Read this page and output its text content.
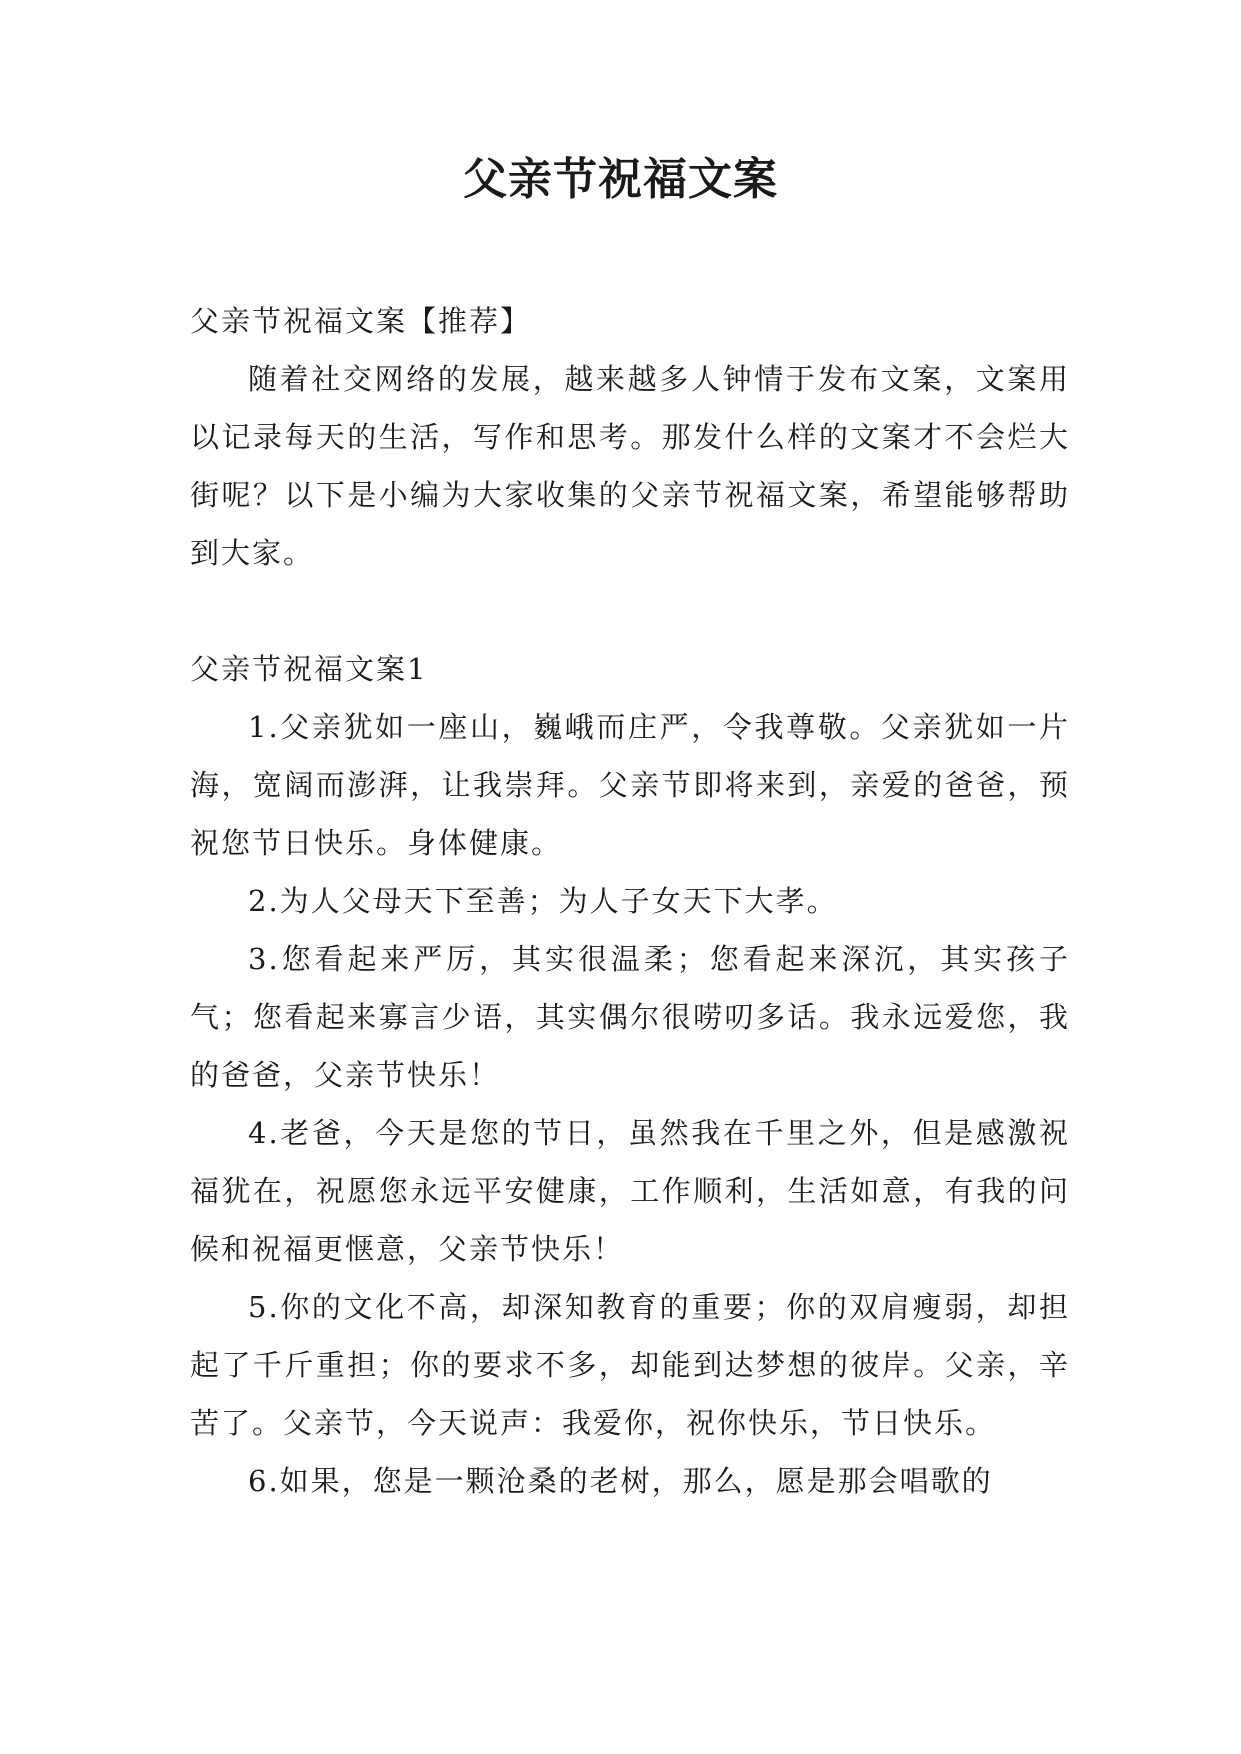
父亲节祝福文案

父亲节祝福文案【推荐】

随着社交网络的发展，越来越多人钟情于发布文案，文案用以记录每天的生活，写作和思考。那发什么样的文案才不会烂大街呢？以下是小编为大家收集的父亲节祝福文案，希望能够帮助到大家。

父亲节祝福文案1

1.父亲犹如一座山，巍峨而庄严，令我尊敬。父亲犹如一片海，宽阔而澎湃，让我崇拜。父亲节即将来到，亲爱的爸爸，预祝您节日快乐。身体健康。

2.为人父母天下至善；为人子女天下大孝。

3.您看起来严厉，其实很温柔；您看起来深沉，其实孩子气；您看起来寡言少语，其实偶尔很唠叨多话。我永远爱您，我的爸爸，父亲节快乐！

4.老爸，今天是您的节日，虽然我在千里之外，但是感激祝福犹在，祝愿您永远平安健康，工作顺利，生活如意，有我的问候和祝福更惬意，父亲节快乐！

5.你的文化不高，却深知教育的重要；你的双肩瘦弱，却担起了千斤重担；你的要求不多，却能到达梦想的彼岸。父亲，辛苦了。父亲节，今天说声：我爱你，祝你快乐，节日快乐。

6.如果，您是一颗沧桑的老树，那么，愿是那会唱歌的
